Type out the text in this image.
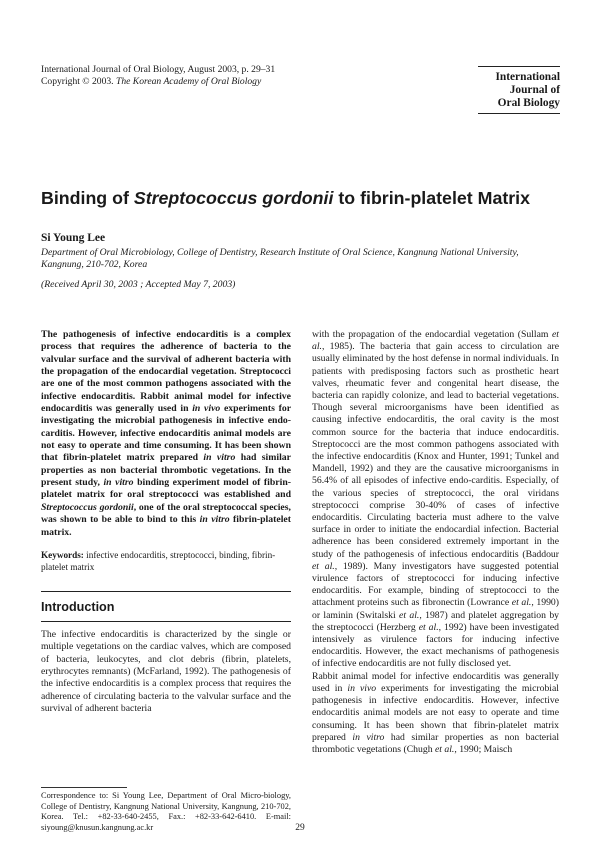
International Journal of Oral Biology, August 2003, p. 29–31
Copyright © 2003. The Korean Academy of Oral Biology	International
Journal of
Oral Biology
Binding of Streptococcus gordonii to fibrin-platelet Matrix
Si Young Lee
Department of Oral Microbiology, College of Dentistry, Research Institute of Oral Science, Kangnung National University, Kangnung, 210-702, Korea
(Received April 30, 2003 ; Accepted May 7, 2003)

The pathogenesis of infective endocarditis is a complex process that requires the adherence of bacteria to the valvular surface and the survival of adherent bacteria with the propagation of the endocardial vegetation. Streptococci are one of the most common pathogens associated with the infective endocarditis. Rabbit animal model for infective endocarditis was generally used in in vivo experiments for investigating the microbial pathogenesis in infective endo-carditis. However, infective endocarditis animal models are not easy to operate and time consuming. It has been shown that fibrin-platelet matrix prepared in vitro had similar properties as non bacterial thrombotic vegetations. In the present study, in vitro binding experiment model of fibrin-platelet matrix for oral streptococci was established and Streptococcus gordonii, one of the oral streptococcal species, was shown to be able to bind to this in vitro fibrin-platelet matrix.

Keywords: infective endocarditis, streptococci, binding, fibrin-platelet matrix

Introduction

The infective endocarditis is characterized by the single or multiple vegetations on the cardiac valves, which are composed of bacteria, leukocytes, and clot debris (fibrin, platelets, erythrocytes remnants) (McFarland, 1992). The pathogenesis of the infective endocarditis is a complex process that requires the adherence of circulating bacteria to the valvular surface and the survival of adherent bacteria

with the propagation of the endocardial vegetation (Sullam et al., 1985). The bacteria that gain access to circulation are usually eliminated by the host defense in normal individuals. In patients with predisposing factors such as prosthetic heart valves, rheumatic fever and congenital heart disease, the bacteria can rapidly colonize, and lead to bacterial vegetations. Though several microorganisms have been identified as causing infective endocarditis, the oral cavity is the most common source for the bacteria that induce endocarditis. Streptococci are the most common pathogens associated with the infective endocarditis (Knox and Hunter, 1991; Tunkel and Mandell, 1992) and they are the causative microorganisms in 56.4% of all episodes of infective endo-carditis. Especially, of the various species of streptococci, the oral viridans streptococci comprise 30-40% of cases of infective endocarditis. Circulating bacteria must adhere to the valve surface in order to initiate the endocardial infection. Bacterial adherence has been considered extremely important in the study of the pathogenesis of infectious endocarditis (Baddour et al., 1989). Many investigators have suggested potential virulence factors of streptococci for inducing infective endocarditis. For example, binding of streptococci to the attachment proteins such as fibronectin (Lowrance et al., 1990) or laminin (Switalski et al., 1987) and platelet aggregation by the streptococci (Herzberg et al., 1992) have been investigated intensively as virulence factors for inducing infective endocarditis. However, the exact mechanisms of pathogenesis of infective endocarditis are not fully disclosed yet.

Rabbit animal model for infective endocarditis was generally used in in vivo experiments for investigating the microbial pathogenesis in infective endocarditis. However, infective endocarditis animal models are not easy to operate and time consuming. It has been shown that fibrin-platelet matrix prepared in vitro had similar properties as non bacterial thrombotic vegetations (Chugh et al., 1990; Maisch

Correspondence to: Si Young Lee, Department of Oral Micro-biology, College of Dentistry, Kangnung National University, Kangnung, 210-702, Korea. Tel.: +82-33-640-2455, Fax.: +82-33-642-6410. E-mail: siyoung@knusun.kangnung.ac.kr	29
